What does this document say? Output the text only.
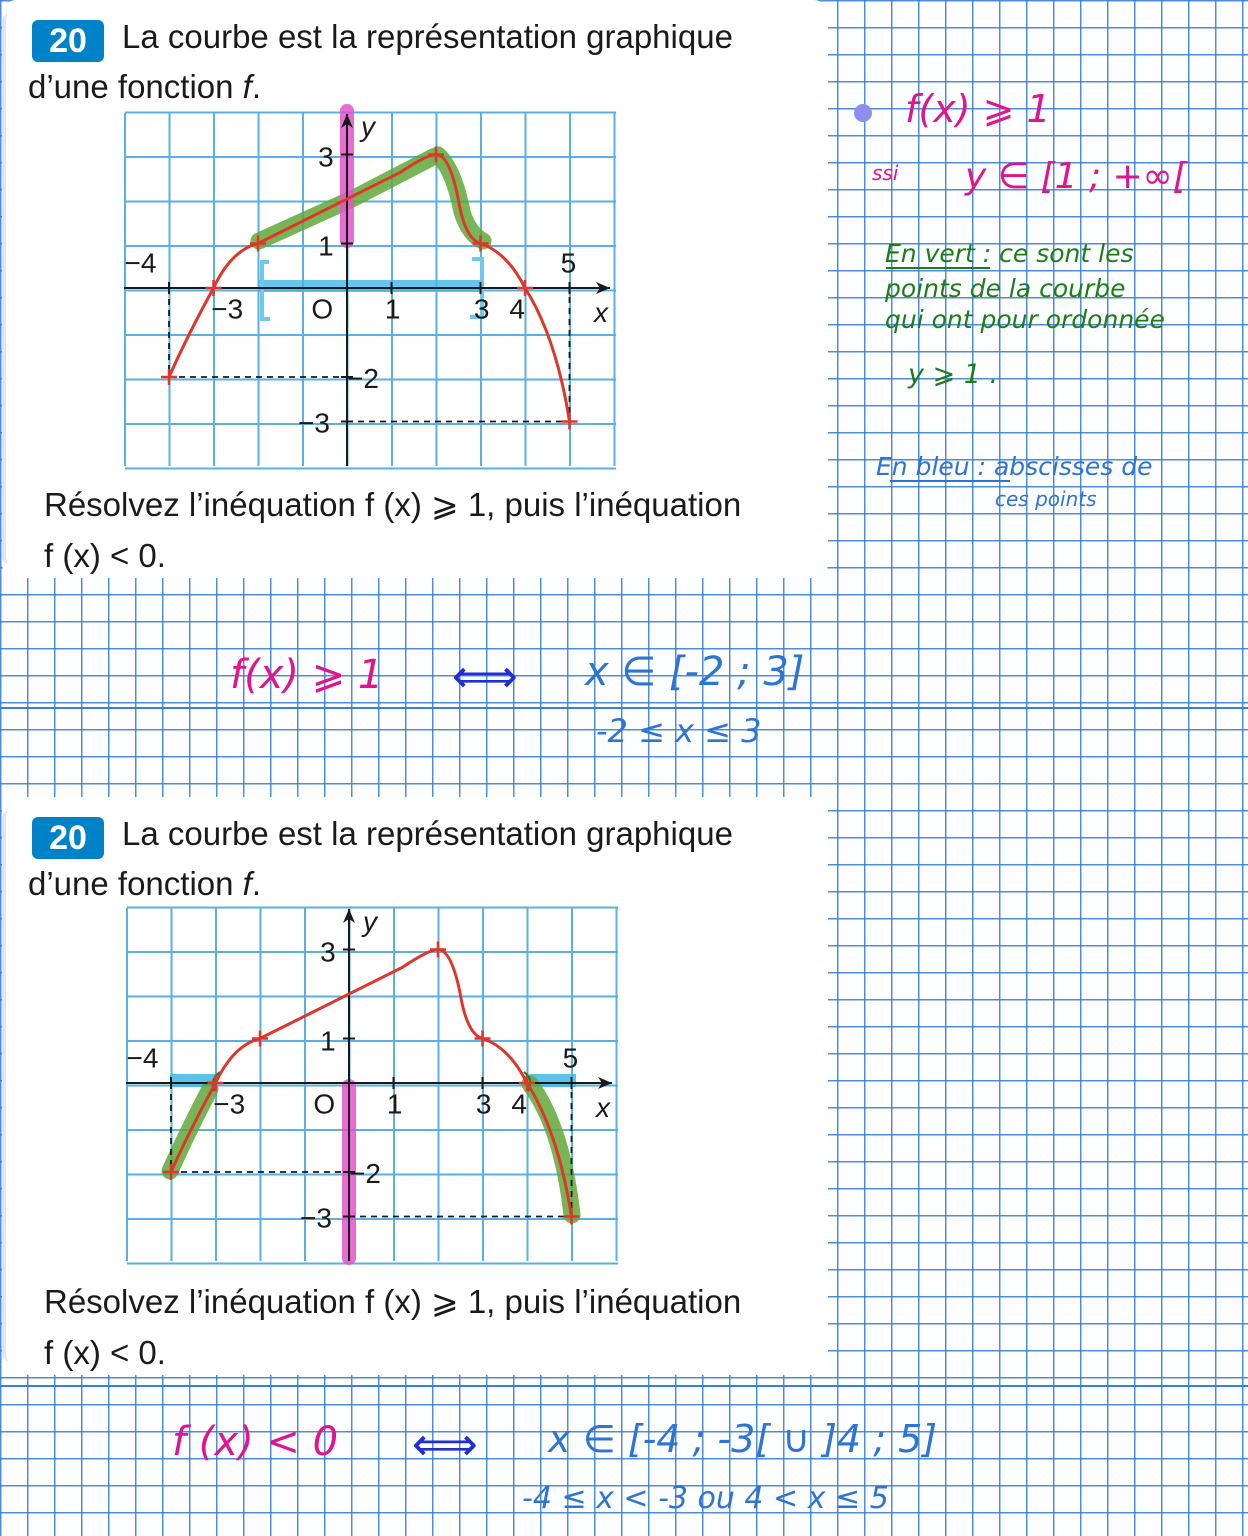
20	La courbe est la représentation graphique
d’une fonction f.
Résolvez l’inéquation f (x) ⩾ 1, puis l’inéquation
f (x) < 0.
20	La courbe est la représentation graphique
d’une fonction f.
Résolvez l’inéquation f (x) ⩾ 1, puis l’inéquation
f (x) < 0.
−4
−3	1	3 4
5
3
1
−2
−3
O	x
y
−4
−3	1	3 4
5
3
1
−2
−3
O	x
y
f(x) ⩾ 1
ssi y ∈ [1 ; +∞[
En vert : ce sont les
points de la courbe
qui ont pour ordonnée
y ⩾ 1 .
En bleu : abscisses de
ces points
f(x) ⩾ 1 ⟺ x ∈ [-2 ; 3]
-2 ≤ x ≤ 3
f (x) < 0 ⟺ x ∈ [-4 ; -3[ ∪ ]4 ; 5]
-4 ≤ x < -3 ou 4 < x ≤ 5
